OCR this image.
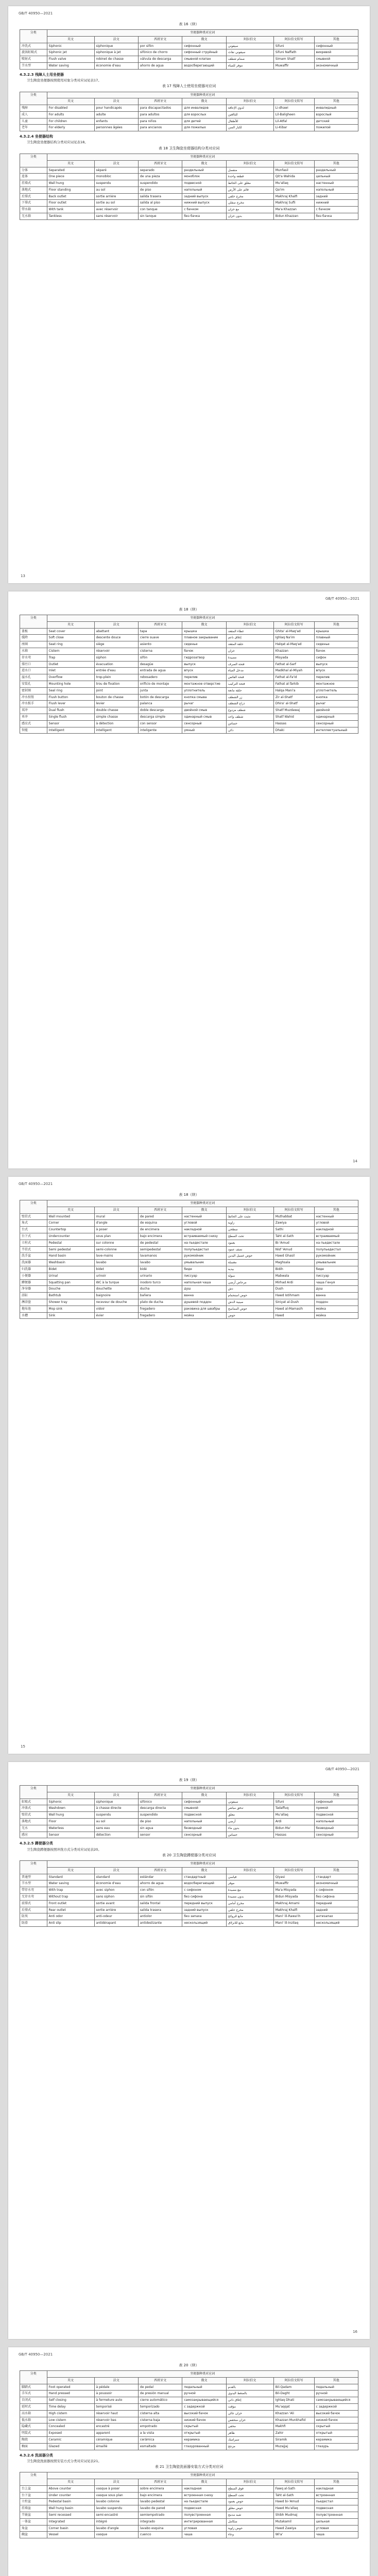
GB/T 40950—2021
表 16（续）
分类	坐便器种类对应词						
	英文	法文	西班牙文	俄文	阿拉伯文	阿拉伯文转写	其他
冲洗式	Siphonic	siphonique	por sifón	сифонный	سيفوني	Sifuni	сифонный
旋涡虹吸式	Siphonic jet	siphonique à jet	sifónico de chorro	сифонный струйный	سيفوني نفاث	Sifuni Naffath	вихревой
喷射式	Flush valve	robinet de chasse	válvula de descarga	смывной клапан	صمام شطف	Simam Shatf	смывной
节水型	Water saving	économie d'eau	ahorro de agua	водосберегающий	موفر للمياه	Muwaffir	экономичный
4.3.2.3 残障人士用坐便器
卫生陶瓷坐便器按照使用对象分类对应词见表17。
表 17 残障人士使用坐便器对应词
分类	坐便器种类对应词						
	英文	法文	西班牙文	俄文	阿拉伯文	阿拉伯文转写	其他
残障	For disabled	pour handicapés	para discapacitados	для инвалидов	لذوي الإعاقة	Li-dhawi	инвалидный
成人	For adults	adulte	para adultos	для взрослых	للبالغين	Lil-Baligheen	взрослый
儿童	For children	enfants	para niños	для детей	للأطفال	Lil-Atfal	детский
老年	For elderly	personnes âgées	para ancianos	для пожилых	لكبار السن	Li-Kibar	пожилой
4.3.2.4 坐便器结构
卫生陶瓷坐便器结构分类对应词见表18。
表 18 卫生陶瓷坐便器结构分类对应词
分类	坐便器种类对应词						
	英文	法文	西班牙文	俄文	阿拉伯文	阿拉伯文转写	其他
分体	Separated	séparé	separado	раздельный	منفصل	Munfasil	раздельный
连体	One piece	monobloc	de una pieza	моноблок	قطعة واحدة	Qit'a Wahida	цельный
挂墙式	Wall hung	suspendu	suspendido	подвесной	معلق على الحائط	Mu'allaq	настенный
落地式	Floor standing	au sol	de piso	напольный	قائم على الأرض	Qa'im	напольный
后排式	Back outlet	sortie arrière	salida trasera	задний выпуск	مخرج خلفي	Makhraj Khalfi	задний
下排式	Floor outlet	sortie au sol	salida al piso	нижний выпуск	مخرج سفلي	Makhraj Sufli	нижний
带水箱	With tank	avec réservoir	con tanque	с бачком	مع خزان	Ma'a Khazzan	с бачком
无水箱	Tankless	sans réservoir	sin tanque	без бачка	بدون خزان	Bidun Khazzan	без бачка
13
GB/T 40950—2021
表 18（续）
分类	坐便器种类对应词						
	英文	法文	西班牙文	俄文	阿拉伯文	阿拉伯文转写	其他
盖板	Seat cover	abattant	tapa	крышка	غطاء المقعد	Ghita' al-Maq'ad	крышка
缓降	Soft close	descente douce	cierre suave	плавное закрывание	إغلاق ناعم	Ighlaq Na'im	плавный
座圈	Seat ring	siège	asiento	сиденье	حلقة المقعد	Halqat al-Maq'ad	сиденье
水箱	Cistern	réservoir	cisterna	бачок	خزان	Khazzan	бачок
存水弯	Trap	siphon	sifón	гидрозатвор	مصيدة	Misyada	сифон
排污口	Outlet	évacuation	desagüe	выпуск	فتحة الصرف	Fathat al-Sarf	выпуск
进水口	Inlet	entrée d'eau	entrada de agua	впуск	مدخل المياه	Madkhal al-Miyah	впуск
溢水孔	Overflow	trop-plein	rebosadero	перелив	فتحة الفائض	Fathat al-Fa'id	перелив
安装孔	Mounting hole	trou de fixation	orificio de montaje	монтажное отверстие	فتحة التركيب	Fathat al-Tarkib	монтажное
密封圈	Seal ring	joint	junta	уплотнитель	حلقة مانعة	Halqa Mani'a	уплотнитель
冲水按钮	Flush button	bouton de chasse	botón de descarga	кнопка смыва	زر الشطف	Zir al-Shatf	кнопка
冲水扳手	Flush lever	levier	palanca	рычаг	ذراع الشطف	Dhira' al-Shatf	рычаг
双冲	Dual flush	double chasse	doble descarga	двойной смыв	شطف مزدوج	Shatf Muzdawaj	двойной
单冲	Single flush	simple chasse	descarga simple	одинарный смыв	شطف واحد	Shatf Wahid	одинарный
感应式	Sensor	à détection	con sensor	сенсорный	حساس	Hassas	сенсорный
智能	Intelligent	intelligent	inteligente	умный	ذكي	Dhaki	интеллектуальный
14
GB/T 40950—2021
表 18（续）
分类	坐便器种类对应词						
	英文	法文	西班牙文	俄文	阿拉伯文	阿拉伯文转写	其他
壁挂式	Wall mounted	mural	de pared	настенный	مثبت على الحائط	Muthabbat	настенный
角式	Corner	d'angle	de esquina	угловой	زاوية	Zawiya	угловой
台式	Countertop	à poser	de encimera	накладной	سطحي	Sathi	накладной
台下式	Undercounter	sous plan	bajo encimera	встраиваемый снизу	تحت السطح	Taht al-Sath	встраиваемый
立柱式	Pedestal	sur colonne	de pedestal	на пьедестале	بعمود	Bi-'Amud	на пьедестале
半挂式	Semi pedestal	semi-colonne	semipedestal	полупьедестал	نصف عمود	Nisf 'Amud	полупьедестал
洗手盆	Hand basin	lave-mains	lavamanos	рукомойник	حوض غسيل اليدين	Hawd Ghasil	рукомойник
洗面器	Washbasin	lavabo	lavabo	умывальник	مغسلة	Maghsala	умывальник
妇洗器	Bidet	bidet	bidé	биде	بيديه	Bidih	биде
小便器	Urinal	urinoir	urinario	писсуар	مبولة	Mabwala	писсуар
蹲便器	Squatting pan	WC à la turque	inodoro turco	напольная чаша	مرحاض أرضي	Mirhad Ardi	чаша Генуя
净身器	Douche	douchette	ducha	душ	دش	Dush	душ
浴缸	Bathtub	baignoire	bañera	ванна	حوض استحمام	Hawd Istihmam	ванна
淋浴盘	Shower tray	receveur de douche	plato de ducha	душевой поддон	صينية الدش	Siniyat al-Dush	поддон
拖布池	Mop sink	vidoir	fregadero	раковина для швабры	حوض المماسح	Hawd al-Mamasih	мойка
水槽	Sink	évier	fregadero	мойка	حوض	Hawd	мойка
15
GB/T 40950—2021
表 19（续）
分类	坐便器种类对应词						
	英文	法文	西班牙文	俄文	阿拉伯文	阿拉伯文转写	其他
虹吸式	Siphonic	siphonique	sifónico	сифонный	سيفوني	Sifuni	сифонный
冲落式	Washdown	à chasse directe	descarga directa	смывной	تدفق مباشر	Tadaffuq	прямой
壁挂式	Wall hung	suspendu	suspendido	подвесной	معلق	Mu'allaq	подвесной
落地式	Floor	au sol	de piso	напольный	أرضي	Ardi	напольный
无水	Waterless	sans eau	sin agua	безводный	بدون ماء	Bidun Ma'	безводный
感应	Sensor	détection	sensor	сенсорный	حساس	Hassas	сенсорный
4.3.2.5 蹲便器分类
卫生陶瓷蹲便器按照冲洗方式分类对应词见表20。
表 20 卫生陶瓷蹲便器分类对应词
分类	坐便器种类对应词						
	英文	法文	西班牙文	俄文	阿拉伯文	阿拉伯文转写	其他
普通型	Standard	standard	estándar	стандартный	قياسي	Qiyasi	стандарт
节水型	Water saving	économie d'eau	ahorro de agua	водосберегающий	موفر	Muwaffir	экономичный
带存水弯	With trap	avec siphon	con sifón	с сифоном	مع مصيدة	Ma'a Misyada	с сифоном
无存水弯	Without trap	sans siphon	sin sifón	без сифона	بدون مصيدة	Bidun Misyada	без сифона
前排式	Front outlet	sortie avant	salida frontal	передний выпуск	مخرج أمامي	Makhraj Amami	передний
后排式	Rear outlet	sortie arrière	salida trasera	задний выпуск	مخرج خلفي	Makhraj Khalfi	задний
防臭	Anti odor	anti-odeur	antiolor	без запаха	مانع للروائح	Mani' lil-Rawa'ih	антизапах
防滑	Anti slip	antidérapant	antideslizante	нескользящий	مانع للانزلاق	Mani' lil-Inzilaq	нескользящий
16
GB/T 40950—2021
表 20（续）
分类	坐便器种类对应词						
	英文	法文	西班牙文	俄文	阿拉伯文	阿拉伯文转写	其他
脚踏式	Foot operated	à pédale	de pedal	педальный	بالقدم	Bil-Qadam	педальный
手压式	Hand pressed	à poussoir	de presión manual	ручной	بالضغط اليدوي	Bil-Daght	ручной
自闭式	Self closing	à fermeture auto	cierre automático	самозакрывающийся	إغلاق ذاتي	Ighlaq Dhati	самозакрывающийся
延时式	Time delay	temporisé	temporizado	с задержкой	مؤقت	Mu'aqqat	с задержкой
高水箱	High cistern	réservoir haut	cisterna alta	высокий бачок	خزان عالي	Khazzan 'Ali	высокий бачок
低水箱	Low cistern	réservoir bas	cisterna baja	низкий бачок	خزان منخفض	Khazzan Munkhafid	низкий бачок
隐藏式	Concealed	encastré	empotrado	скрытый	مخفي	Makhfi	скрытый
明装式	Exposed	apparent	a la vista	открытый	ظاهر	Zahir	открытый
陶瓷	Ceramic	céramique	cerámica	керамика	سيراميك	Siramik	керамика
釉面	Glazed	émaillé	esmaltado	глазурованный	مزجج	Muzajjaj	глазурь
4.3.2.6 洗面器分类
卫生陶瓷洗面器按照安装方式分类对应词见表21。
表 21 卫生陶瓷洗面器安装方式分类对应词
分类	坐便器种类对应词						
	英文	法文	西班牙文	俄文	阿拉伯文	阿拉伯文转写	其他
台上盆	Above counter	vasque à poser	sobre encimera	накладная	فوق السطح	Fawq al-Sath	накладная
台下盆	Under counter	vasque sous plan	bajo encimera	встроенная снизу	تحت السطح	Taht al-Sath	встроенная
立柱盆	Pedestal basin	lavabo colonne	lavabo pedestal	на пьедестале	حوض بعمود	Hawd bi-'Amud	пьедестал
挂墙盆	Wall hung basin	lavabo suspendu	lavabo de pared	подвесная	حوض معلق	Hawd Mu'allaq	подвесная
半嵌盆	Semi recessed	semi-encastré	semiempotrado	полувстроенная	شبه مدمج	Shibh Mudmaj	полувстроенная
一体盆	Integrated	intégré	integrado	интегрированная	متكامل	Mutakamil	цельная
角盆	Corner basin	lavabo d'angle	lavabo esquina	угловая	حوض زاوية	Hawd Zawiya	угловая
碗盆	Vessel	vasque	cuenco	чаша	وعاء	Wi'a'	чаша
